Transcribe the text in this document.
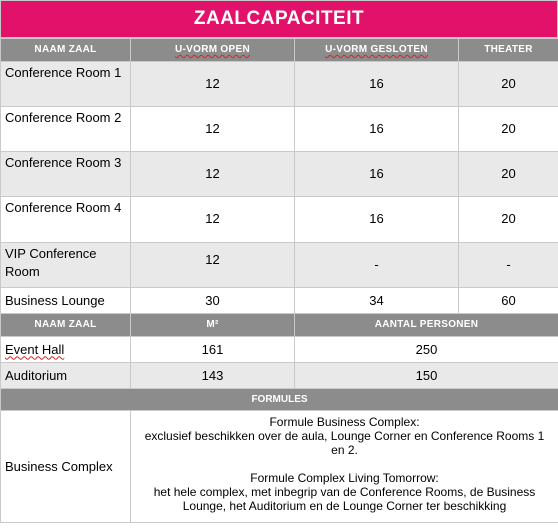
ZAALCAPACITEIT
NAAM ZAAL	U-VORM OPEN	U-VORM GESLOTEN	THEATER
Conference Room 1	12	16	20
Conference Room 2	12	16	20
Conference Room 3	12	16	20
Conference Room 4	12	16	20
VIP Conference Room	12	-	-
Business Lounge	30	34	60
NAAM ZAAL	M²	AANTAL PERSONEN	
Event Hall	161	250	
Auditorium	143	150	
FORMULES			
Business Complex	Formule Business Complex:

exclusief beschikken over de aula, Lounge Corner en Conference Rooms 1 en 2.

Formule Complex Living Tomorrow:

het hele complex, met inbegrip van de Conference Rooms, de Business Lounge, het Auditorium en de Lounge Corner ter beschikking		
